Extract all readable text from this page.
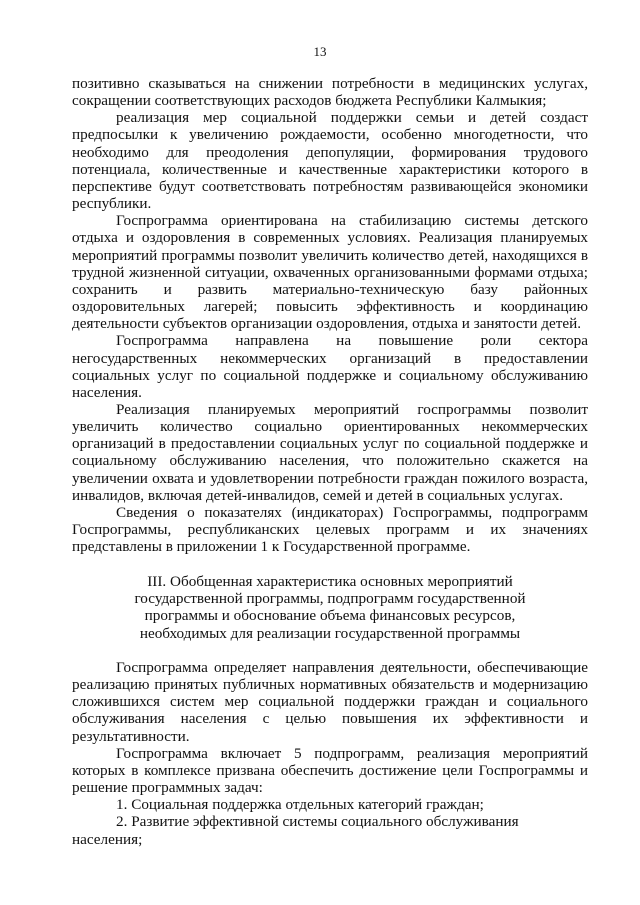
13

позитивно сказываться на снижении потребности в медицинских услугах, сокращении соответствующих расходов бюджета Республики Калмыкия;

реализация мер социальной поддержки семьи и детей создаст предпосылки к увеличению рождаемости, особенно многодетности, что необходимо для преодоления депопуляции, формирования трудового потенциала, количественные и качественные характеристики которого в перспективе будут соответствовать потребностям развивающейся экономики республики.

Госпрограмма ориентирована на стабилизацию системы детского отдыха и оздоровления в современных условиях. Реализация планируемых мероприятий программы позволит увеличить количество детей, находящихся в трудной жизненной ситуации, охваченных организованными формами отдыха; сохранить и развить материально-техническую базу районных оздоровительных лагерей; повысить эффективность и координацию деятельности субъектов организации оздоровления, отдыха и занятости детей.

Госпрограмма направлена на повышение роли сектора негосударственных некоммерческих организаций в предоставлении социальных услуг по социальной поддержке и социальному обслуживанию населения.

Реализация планируемых мероприятий госпрограммы позволит увеличить количество социально ориентированных некоммерческих организаций в предоставлении социальных услуг по социальной поддержке и социальному обслуживанию населения, что положительно скажется на увеличении охвата и удовлетворении потребности граждан пожилого возраста, инвалидов, включая детей-инвалидов, семей и детей в социальных услугах.

Сведения о показателях (индикаторах) Госпрограммы, подпрограмм Госпрограммы, республиканских целевых программ и их значениях представлены в приложении 1 к Государственной программе.

III. Обобщенная характеристика основных мероприятий
государственной программы, подпрограмм государственной
программы и обоснование объема финансовых ресурсов,
необходимых для реализации государственной программы

Госпрограмма определяет направления деятельности, обеспечивающие реализацию принятых публичных нормативных обязательств и модернизацию сложившихся систем мер социальной поддержки граждан и социального обслуживания населения с целью повышения их эффективности и результативности.

Госпрограмма включает 5 подпрограмм, реализация мероприятий которых в комплексе призвана обеспечить достижение цели Госпрограммы и решение программных задач:

1. Социальная поддержка отдельных категорий граждан;

2. Развитие эффективной системы социального обслуживания населения;
